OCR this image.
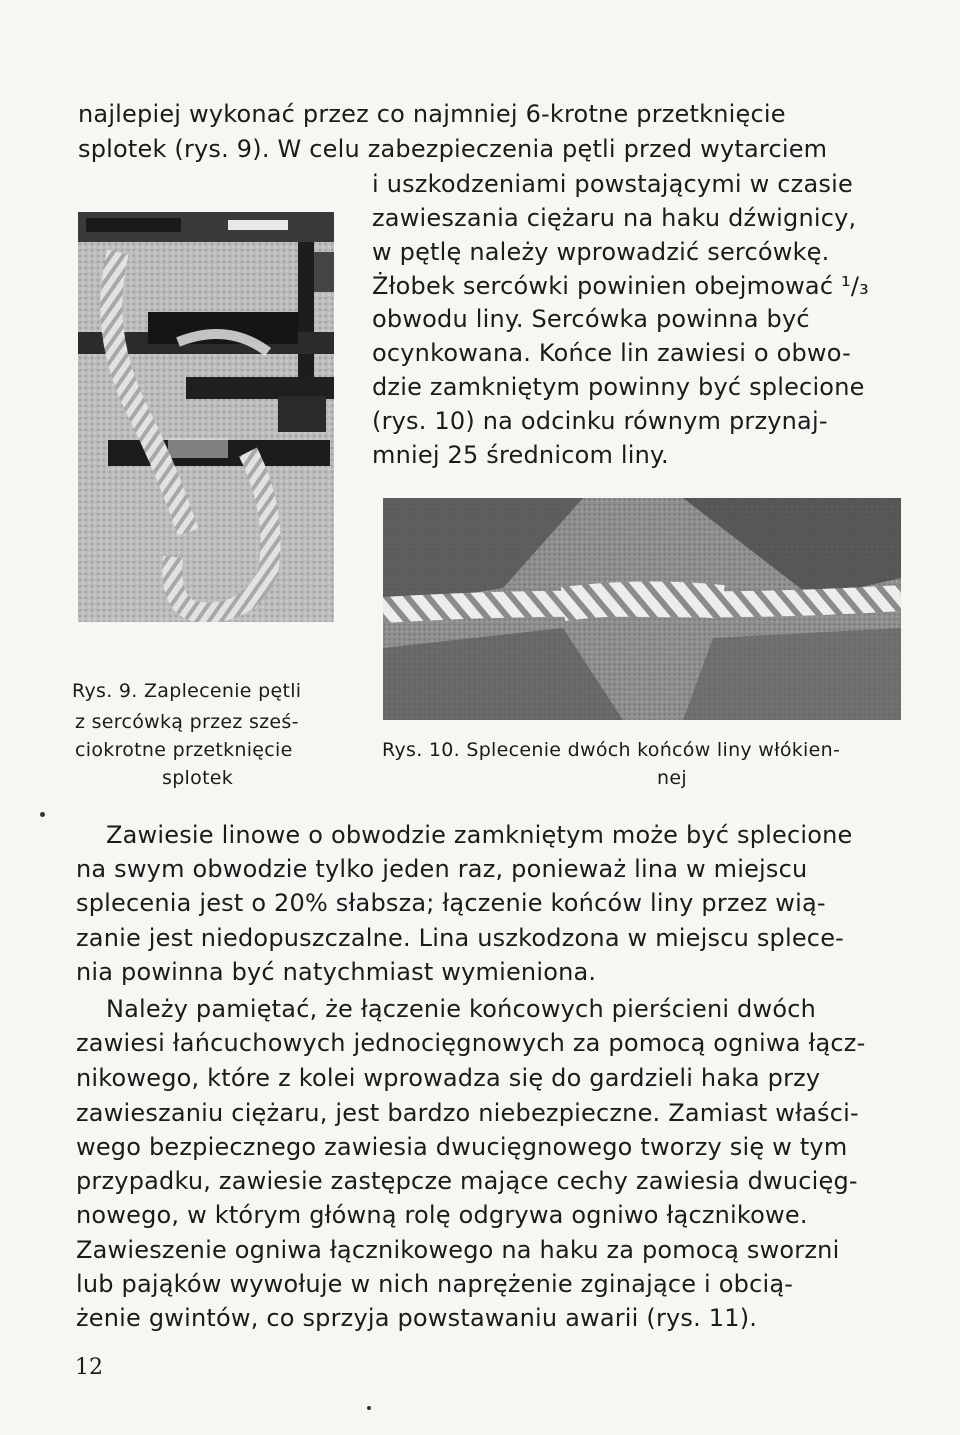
najlepiej wykonać przez co najmniej 6-krotne przetknięcie
splotek (rys. 9). W celu zabezpieczenia pętli przed wytarciem
i uszkodzeniami powstającymi w czasie
zawieszania ciężaru na haku dźwignicy,
w pętlę należy wprowadzić sercówkę.
Żłobek sercówki powinien obejmować ¹/₃
obwodu liny. Sercówka powinna być
ocynkowana. Końce lin zawiesi o obwo-
dzie zamkniętym powinny być splecione
(rys. 10) na odcinku równym przynaj-
mniej 25 średnicom liny.
Rys. 9. Zaplecenie pętli
z sercówką przez sześ-
ciokrotne przetknięcie
splotek
Rys. 10. Splecenie dwóch końców liny włókien-
nej
Zawiesie linowe o obwodzie zamkniętym może być splecione
na swym obwodzie tylko jeden raz, ponieważ lina w miejscu
splecenia jest o 20% słabsza; łączenie końców liny przez wią-
zanie jest niedopuszczalne. Lina uszkodzona w miejscu splece-
nia powinna być natychmiast wymieniona.
Należy pamiętać, że łączenie końcowych pierścieni dwóch
zawiesi łańcuchowych jednocięgnowych za pomocą ogniwa łącz-
nikowego, które z kolei wprowadza się do gardzieli haka przy
zawieszaniu ciężaru, jest bardzo niebezpieczne. Zamiast właści-
wego bezpiecznego zawiesia dwucięgnowego tworzy się w tym
przypadku, zawiesie zastępcze mające cechy zawiesia dwucięg-
nowego, w którym główną rolę odgrywa ogniwo łącznikowe.
Zawieszenie ogniwa łącznikowego na haku za pomocą sworzni
lub pająków wywołuje w nich naprężenie zginające i obcią-
żenie gwintów, co sprzyja powstawaniu awarii (rys. 11).
12
